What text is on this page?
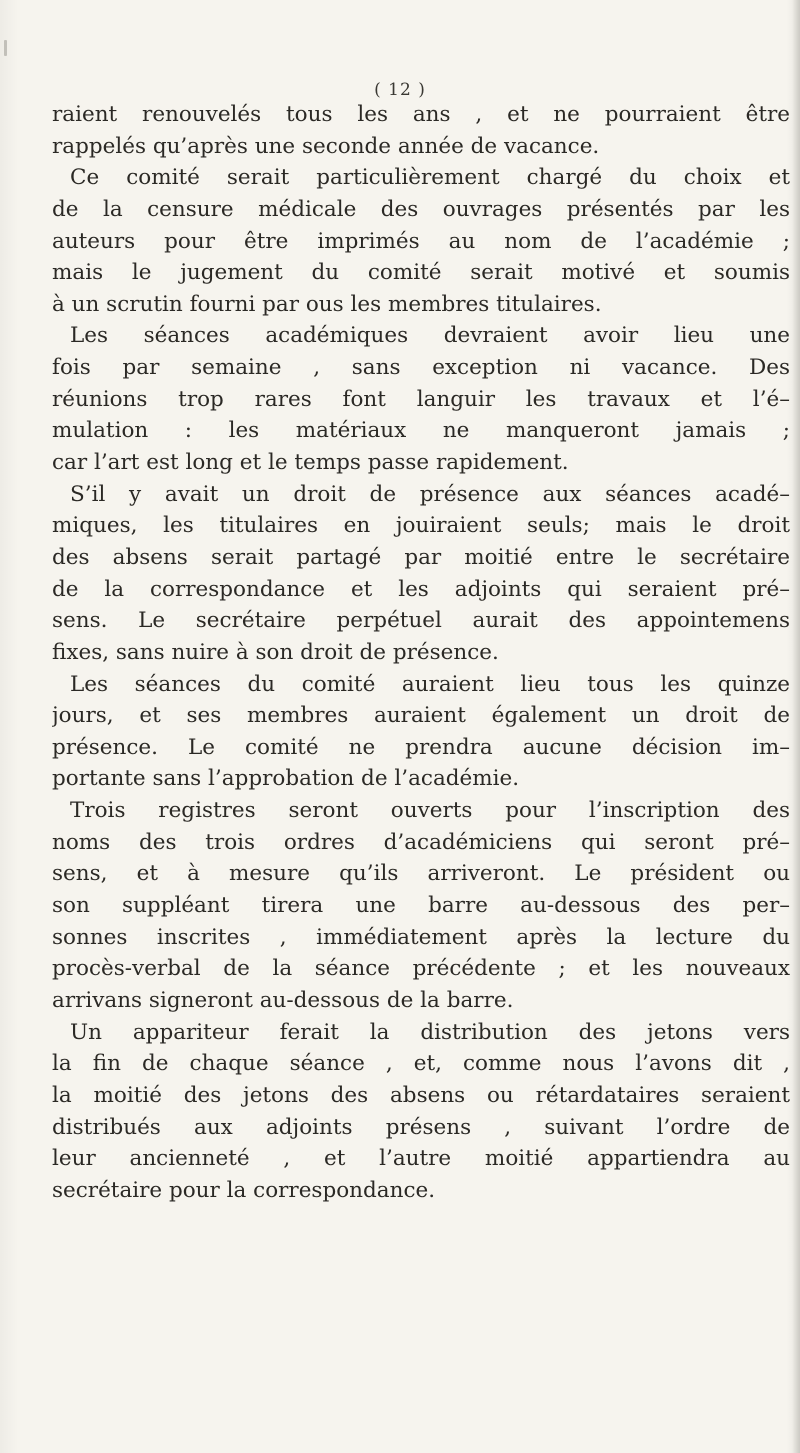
( 12 )
raient renouvelés tous les ans , et ne pourraient être
rappelés qu’après une seconde année de vacance.
Ce comité serait particulièrement chargé du choix et
de la censure médicale des ouvrages présentés par les
auteurs pour être imprimés au nom de l’académie ;
mais le jugement du comité serait motivé et soumis
à un scrutin fourni par ous les membres titulaires.
Les séances académiques devraient avoir lieu une
fois par semaine , sans exception ni vacance. Des
réunions trop rares font languir les travaux et l’é–
mulation : les matériaux ne manqueront jamais ;
car l’art est long et le temps passe rapidement.
S’il y avait un droit de présence aux séances acadé–
miques, les titulaires en jouiraient seuls; mais le droit
des absens serait partagé par moitié entre le secrétaire
de la correspondance et les adjoints qui seraient pré–
sens. Le secrétaire perpétuel aurait des appointemens
fixes, sans nuire à son droit de présence.
Les séances du comité auraient lieu tous les quinze
jours, et ses membres auraient également un droit de
présence. Le comité ne prendra aucune décision im–
portante sans l’approbation de l’académie.
Trois registres seront ouverts pour l’inscription des
noms des trois ordres d’académiciens qui seront pré–
sens, et à mesure qu’ils arriveront. Le président ou
son suppléant tirera une barre au-dessous des per–
sonnes inscrites , immédiatement après la lecture du
procès-verbal de la séance précédente ; et les nouveaux
arrivans signeront au-dessous de la barre.
Un appariteur ferait la distribution des jetons vers
la fin de chaque séance , et, comme nous l’avons dit ,
la moitié des jetons des absens ou rétardataires seraient
distribués aux adjoints présens , suivant l’ordre de
leur ancienneté , et l’autre moitié appartiendra au
secrétaire pour la correspondance.
